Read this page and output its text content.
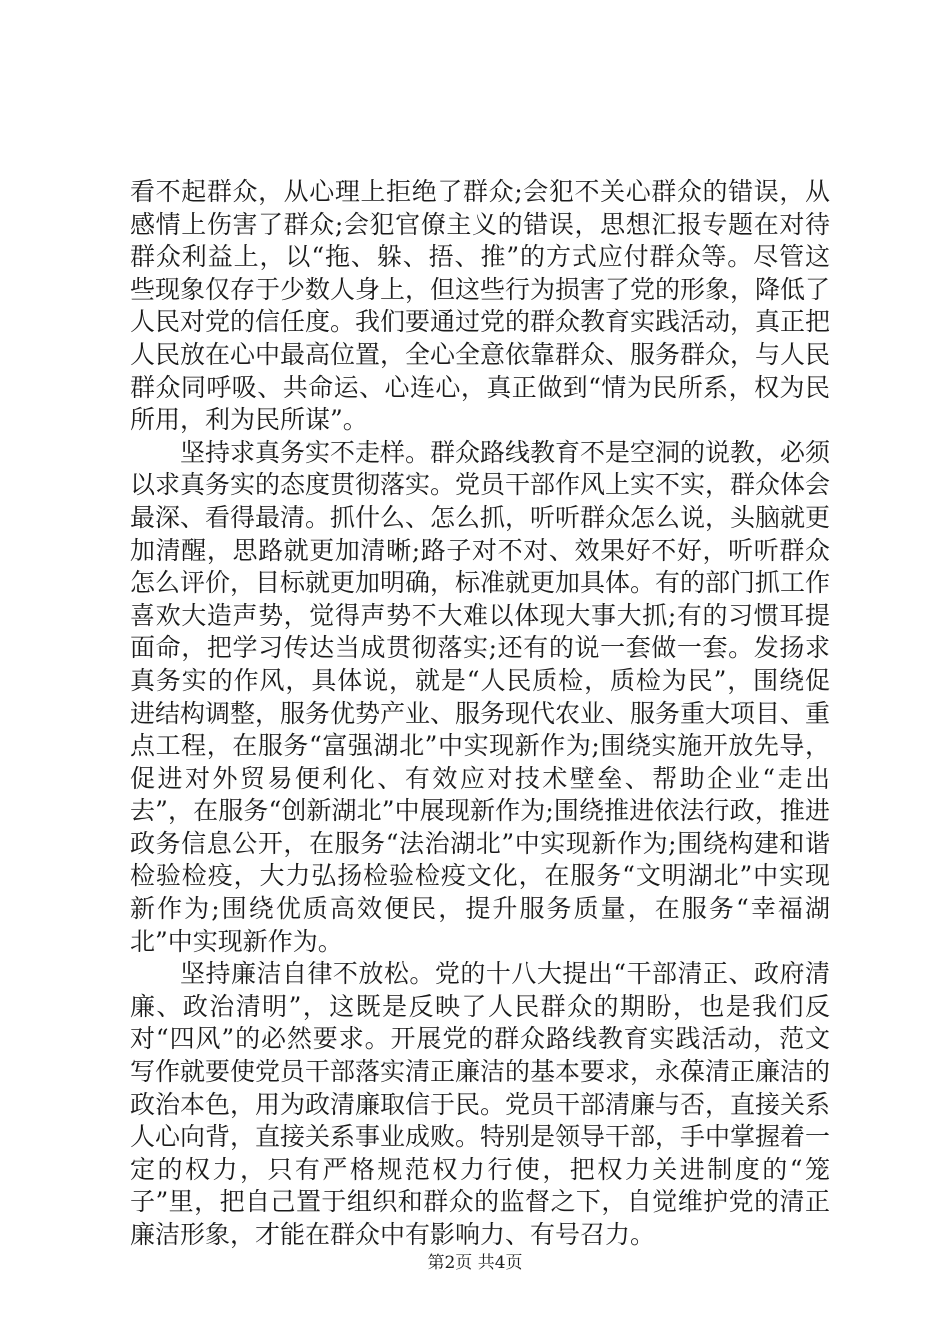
看不起群众，从心理上拒绝了群众;会犯不关心群众的错误，从感情上伤害了群众;会犯官僚主义的错误，思想汇报专题在对待群众利益上，以“拖、躲、捂、推”的方式应付群众等。尽管这些现象仅存于少数人身上，但这些行为损害了党的形象，降低了人民对党的信任度。我们要通过党的群众教育实践活动，真正把人民放在心中最高位置，全心全意依靠群众、服务群众，与人民群众同呼吸、共命运、心连心，真正做到“情为民所系，权为民所用，利为民所谋”。

坚持求真务实不走样。群众路线教育不是空洞的说教，必须以求真务实的态度贯彻落实。党员干部作风上实不实，群众体会最深、看得最清。抓什么、怎么抓，听听群众怎么说，头脑就更加清醒，思路就更加清晰;路子对不对、效果好不好，听听群众怎么评价，目标就更加明确，标准就更加具体。有的部门抓工作喜欢大造声势，觉得声势不大难以体现大事大抓;有的习惯耳提面命，把学习传达当成贯彻落实;还有的说一套做一套。发扬求真务实的作风，具体说，就是“人民质检，质检为民”，围绕促进结构调整，服务优势产业、服务现代农业、服务重大项目、重点工程，在服务“富强湖北”中实现新作为;围绕实施开放先导，促进对外贸易便利化、有效应对技术壁垒、帮助企业“走出去”，在服务“创新湖北”中展现新作为;围绕推进依法行政，推进政务信息公开，在服务“法治湖北”中实现新作为;围绕构建和谐检验检疫，大力弘扬检验检疫文化，在服务“文明湖北”中实现新作为;围绕优质高效便民，提升服务质量，在服务“幸福湖北”中实现新作为。

坚持廉洁自律不放松。党的十八大提出“干部清正、政府清廉、政治清明”，这既是反映了人民群众的期盼，也是我们反对“四风”的必然要求。开展党的群众路线教育实践活动，范文写作就要使党员干部落实清正廉洁的基本要求，永葆清正廉洁的政治本色，用为政清廉取信于民。党员干部清廉与否，直接关系人心向背，直接关系事业成败。特别是领导干部，手中掌握着一定的权力，只有严格规范权力行使，把权力关进制度的“笼子”里，把自己置于组织和群众的监督之下，自觉维护党的清正廉洁形象，才能在群众中有影响力、有号召力。

第2页 共4页
